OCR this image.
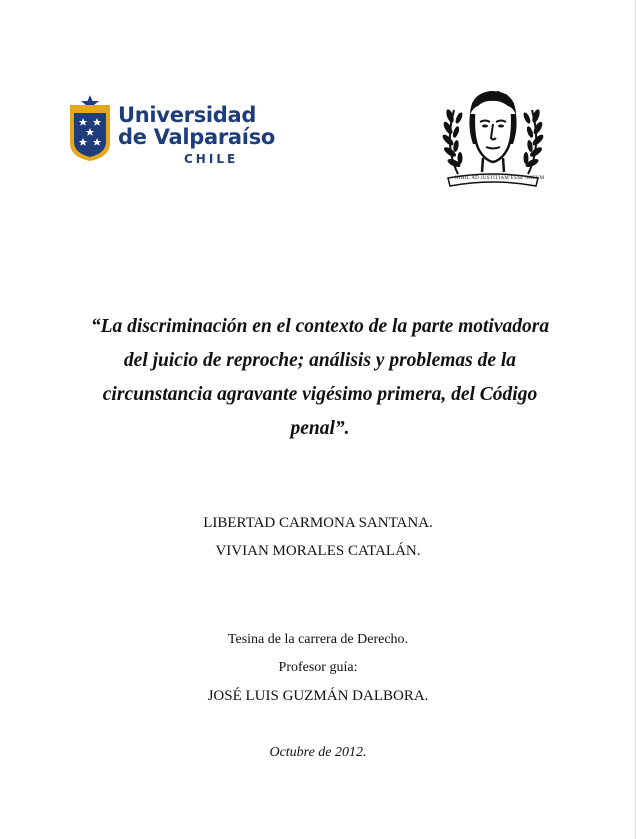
Universidad
de Valparaíso
CHILE
NIHIL AD JUSTITIAM ESSE NATUM
“La discriminación en el contexto de la parte motivadora
del juicio de reproche; análisis y problemas de la
circunstancia agravante vigésimo primera, del Código
penal”.
LIBERTAD CARMONA SANTANA.
VIVIAN MORALES CATALÁN.
Tesina de la carrera de Derecho.
Profesor guía:
JOSÉ LUIS GUZMÁN DALBORA.
Octubre de 2012.
